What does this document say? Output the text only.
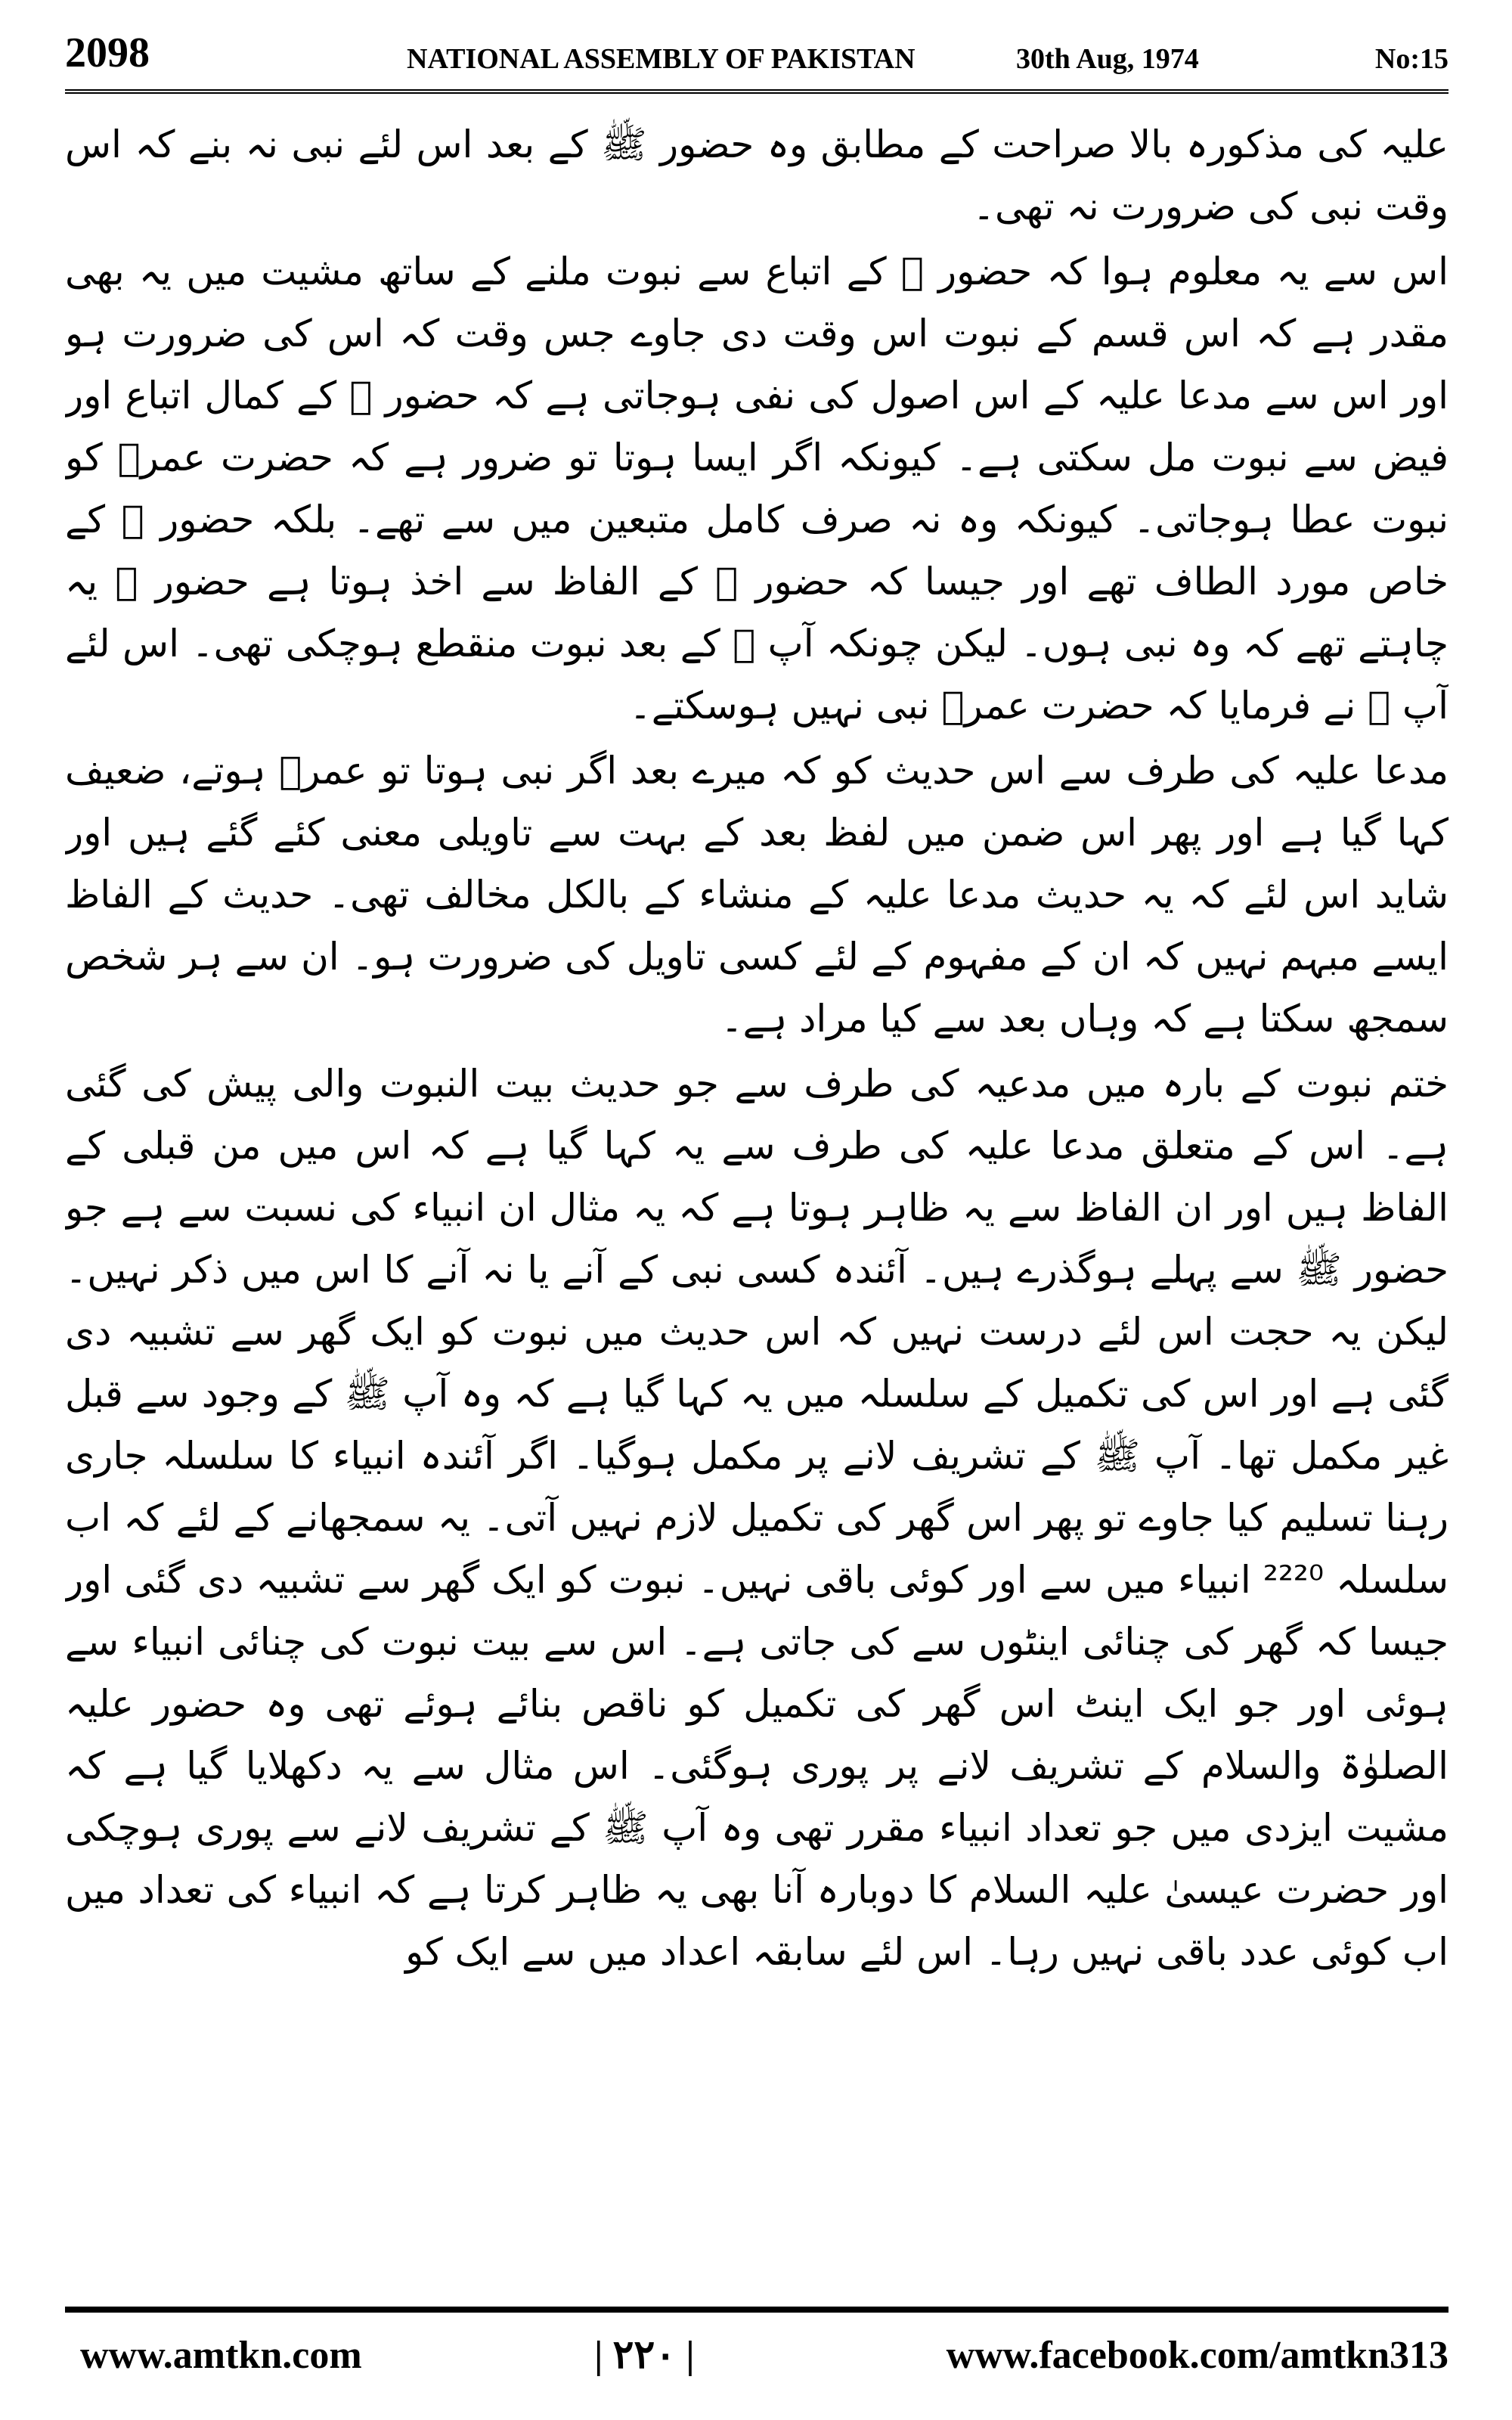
2098	NATIONAL ASSEMBLY OF PAKISTAN	30th Aug, 1974	No:15

علیہ کی مذکورہ بالا صراحت کے مطابق وہ حضور ﷺ کے بعد اس لئے نبی نہ بنے کہ اس وقت نبی کی ضرورت نہ تھی۔

اس سے یہ معلوم ہوا کہ حضور ﷺ کے اتباع سے نبوت ملنے کے ساتھ مشیت میں یہ بھی مقدر ہے کہ اس قسم کے نبوت اس وقت دی جاوے جس وقت کہ اس کی ضرورت ہو اور اس سے مدعا علیہ کے اس اصول کی نفی ہوجاتی ہے کہ حضور ﷺ کے کمال اتباع اور فیض سے نبوت مل سکتی ہے۔ کیونکہ اگر ایسا ہوتا تو ضرور ہے کہ حضرت عمرؓ کو نبوت عطا ہوجاتی۔ کیونکہ وہ نہ صرف کامل متبعین میں سے تھے۔ بلکہ حضور ﷺ کے خاص مورد الطاف تھے اور جیسا کہ حضور ﷺ کے الفاظ سے اخذ ہوتا ہے حضور ﷺ یہ چاہتے تھے کہ وہ نبی ہوں۔ لیکن چونکہ آپ ﷺ کے بعد نبوت منقطع ہوچکی تھی۔ اس لئے آپ ﷺ نے فرمایا کہ حضرت عمرؓ نبی نہیں ہوسکتے۔

مدعا علیہ کی طرف سے اس حدیث کو کہ میرے بعد اگر نبی ہوتا تو عمرؓ ہوتے، ضعیف کہا گیا ہے اور پھر اس ضمن میں لفظ بعد کے بہت سے تاویلی معنی کئے گئے ہیں اور شاید اس لئے کہ یہ حدیث مدعا علیہ کے منشاء کے بالکل مخالف تھی۔ حدیث کے الفاظ ایسے مبہم نہیں کہ ان کے مفہوم کے لئے کسی تاویل کی ضرورت ہو۔ ان سے ہر شخص سمجھ سکتا ہے کہ وہاں بعد سے کیا مراد ہے۔

ختم نبوت کے بارہ میں مدعیہ کی طرف سے جو حدیث بیت النبوت والی پیش کی گئی ہے۔ اس کے متعلق مدعا علیہ کی طرف سے یہ کہا گیا ہے کہ اس میں من قبلی کے الفاظ ہیں اور ان الفاظ سے یہ ظاہر ہوتا ہے کہ یہ مثال ان انبیاء کی نسبت سے ہے جو حضور ﷺ سے پہلے ہوگذرے ہیں۔ آئندہ کسی نبی کے آنے یا نہ آنے کا اس میں ذکر نہیں۔ لیکن یہ حجت اس لئے درست نہیں کہ اس حدیث میں نبوت کو ایک گھر سے تشبیہ دی گئی ہے اور اس کی تکمیل کے سلسلہ میں یہ کہا گیا ہے کہ وہ آپ ﷺ کے وجود سے قبل غیر مکمل تھا۔ آپ ﷺ کے تشریف لانے پر مکمل ہوگیا۔ اگر آئندہ انبیاء کا سلسلہ جاری رہنا تسلیم کیا جاوے تو پھر اس گھر کی تکمیل لازم نہیں آتی۔ یہ سمجھانے کے لئے کہ اب سلسلہ ²²²⁰ انبیاء میں سے اور کوئی باقی نہیں۔ نبوت کو ایک گھر سے تشبیہ دی گئی اور جیسا کہ گھر کی چنائی اینٹوں سے کی جاتی ہے۔ اس سے بیت نبوت کی چنائی انبیاء سے ہوئی اور جو ایک اینٹ اس گھر کی تکمیل کو ناقص بنائے ہوئے تھی وہ حضور علیہ الصلوٰۃ والسلام کے تشریف لانے پر پوری ہوگئی۔ اس مثال سے یہ دکھلایا گیا ہے کہ مشیت ایزدی میں جو تعداد انبیاء مقرر تھی وہ آپ ﷺ کے تشریف لانے سے پوری ہوچکی اور حضرت عیسیٰ علیہ السلام کا دوبارہ آنا بھی یہ ظاہر کرتا ہے کہ انبیاء کی تعداد میں اب کوئی عدد باقی نہیں رہا۔ اس لئے سابقہ اعداد میں سے ایک کو

www.amtkn.com	| ۲۲۰ |	www.facebook.com/amtkn313
